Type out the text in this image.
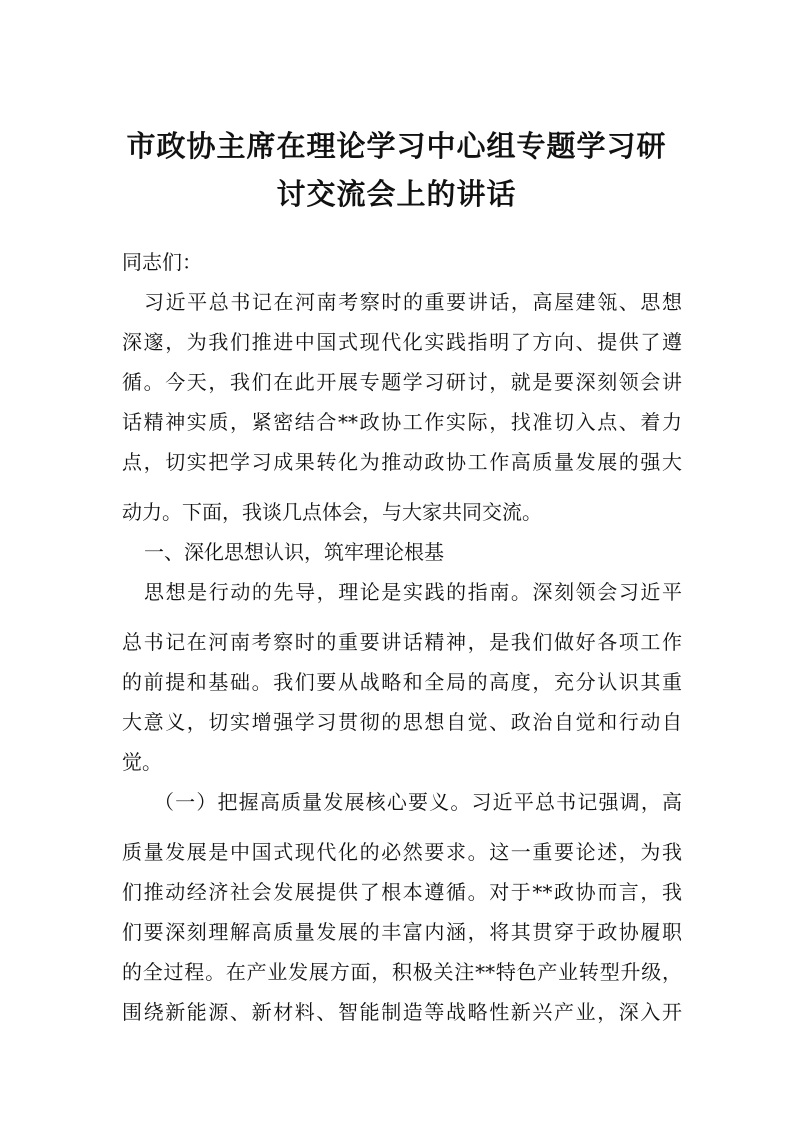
市政协主席在理论学习中心组专题学习研
讨交流会上的讲话
同志们：
习近平总书记在河南考察时的重要讲话，高屋建瓴、思想
深邃，为我们推进中国式现代化实践指明了方向、提供了遵
循。今天，我们在此开展专题学习研讨，就是要深刻领会讲
话精神实质，紧密结合**政协工作实际，找准切入点、着力
点，切实把学习成果转化为推动政协工作高质量发展的强大
动力。下面，我谈几点体会，与大家共同交流。
一、深化思想认识，筑牢理论根基
思想是行动的先导，理论是实践的指南。深刻领会习近平
总书记在河南考察时的重要讲话精神，是我们做好各项工作
的前提和基础。我们要从战略和全局的高度，充分认识其重
大意义，切实增强学习贯彻的思想自觉、政治自觉和行动自
觉。
（一）把握高质量发展核心要义。习近平总书记强调，高
质量发展是中国式现代化的必然要求。这一重要论述，为我
们推动经济社会发展提供了根本遵循。对于**政协而言，我
们要深刻理解高质量发展的丰富内涵，将其贯穿于政协履职
的全过程。在产业发展方面，积极关注**特色产业转型升级，
围绕新能源、新材料、智能制造等战略性新兴产业，深入开
